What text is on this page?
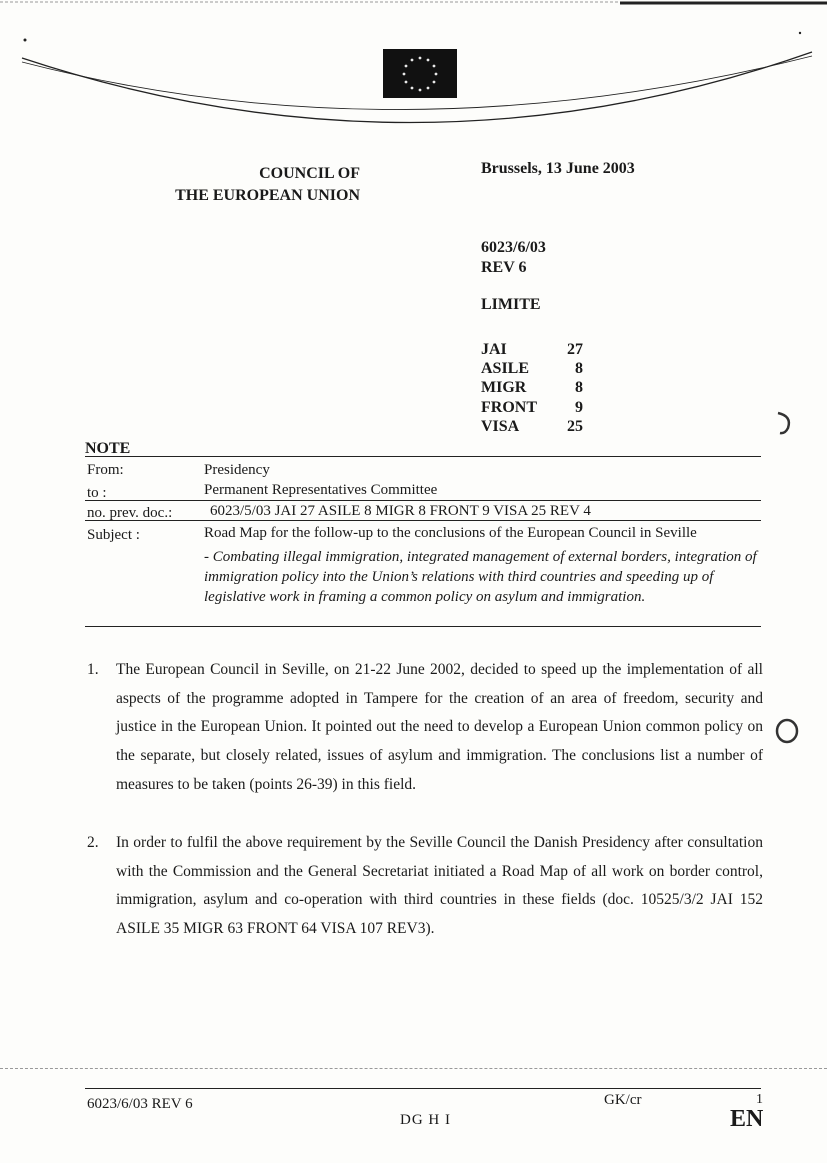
COUNCIL OF
THE EUROPEAN UNION
Brussels, 13 June 2003
6023/6/03
REV 6
LIMITE
JAI	27
ASILE	8
MIGR	8
FRONT 9
VISA	25
NOTE
From:	Presidency
to :	Permanent Representatives Committee
no. prev. doc.:	6023/5/03 JAI 27 ASILE 8 MIGR 8 FRONT 9 VISA 25 REV 4
Subject :	Road Map for the follow-up to the conclusions of the European Council in Seville
- Combating illegal immigration, integrated management of external borders, integration of immigration policy into the Union’s relations with third countries and speeding up of legislative work in framing a common policy on asylum and immigration.
1. The European Council in Seville, on 21-22 June 2002, decided to speed up the implementation of all aspects of the programme adopted in Tampere for the creation of an area of freedom, security and justice in the European Union. It pointed out the need to develop a European Union common policy on the separate, but closely related, issues of asylum and immigration. The conclusions list a number of measures to be taken (points 26-39) in this field.
2. In order to fulfil the above requirement by the Seville Council the Danish Presidency after consultation with the Commission and the General Secretariat initiated a Road Map of all work on border control, immigration, asylum and co-operation with third countries in these fields (doc. 10525/3/2 JAI 152 ASILE 35 MIGR 63 FRONT 64 VISA 107 REV3).
6023/6/03 REV 6
DG H I
GK/cr	1
EN
